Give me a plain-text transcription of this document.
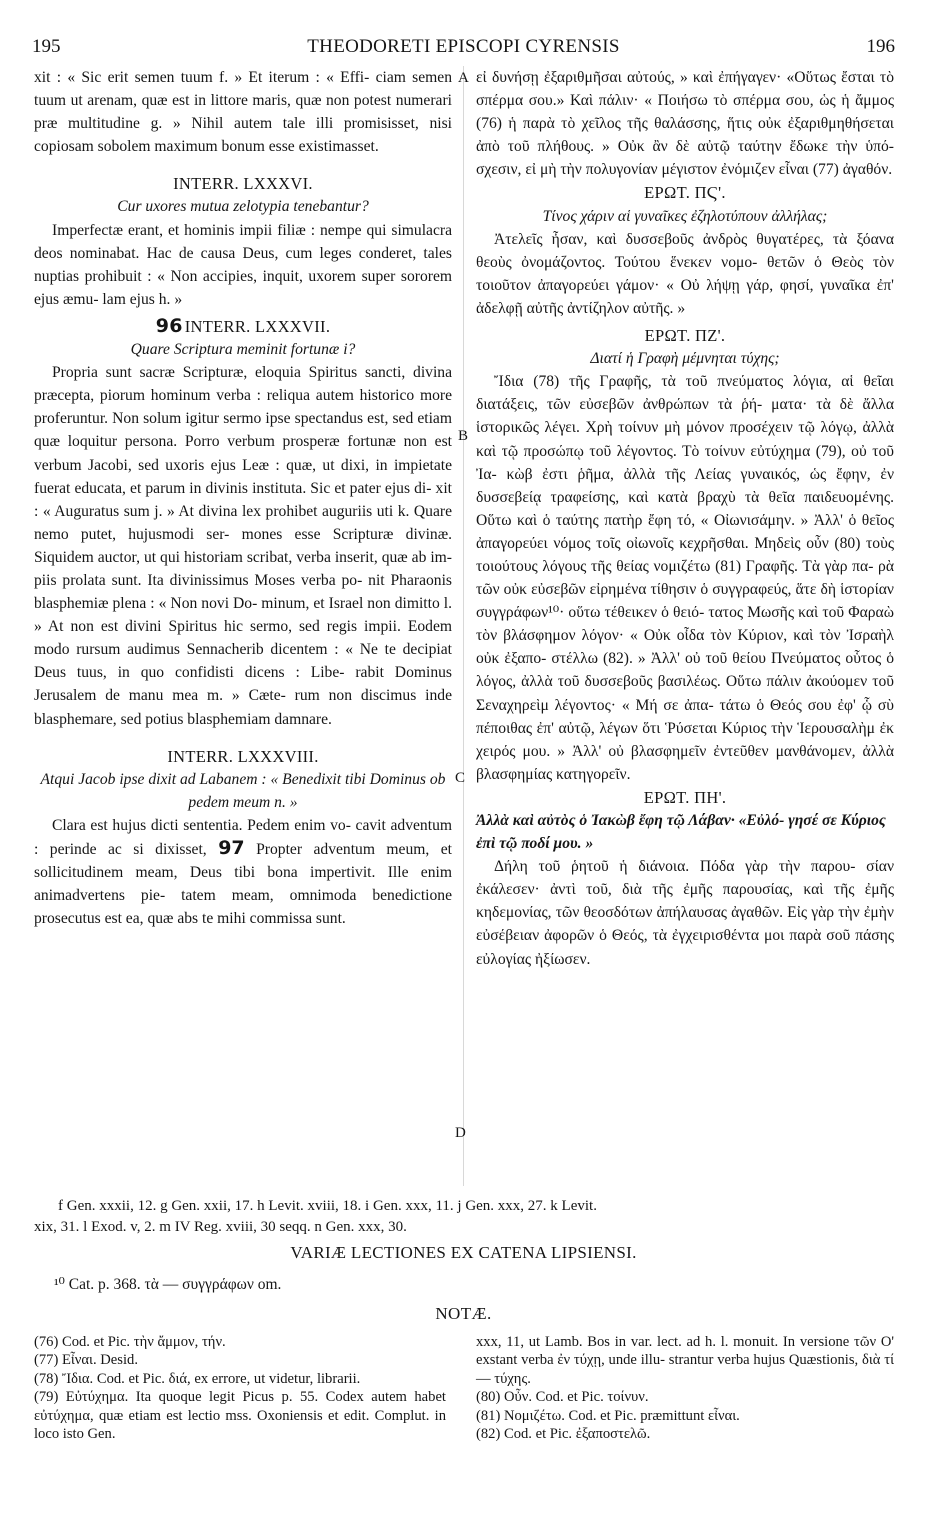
195	THEODORETI EPISCOPI CYRENSIS	196
A
B
C
D

xit : « Sic erit semen tuum f. » Et iterum : « Effi- ciam semen tuum ut arenam, quæ est in littore maris, quæ non potest numerari præ multitudine g. » Nihil autem tale illi promisisset, nisi copiosam sobolem maximum bonum esse existimasset.

INTERR. LXXXVI.

Cur uxores mutua zelotypia tenebantur?

Imperfectæ erant, et hominis impii filiæ : nempe qui simulacra deos nominabat. Hac de causa Deus, cum leges conderet, tales nuptias prohibuit : « Non accipies, inquit, uxorem super sororem ejus æmu- lam ejus h. »

96 INTERR. LXXXVII.

Quare Scriptura meminit fortunæ i?

Propria sunt sacræ Scripturæ, eloquia Spiritus sancti, divina præcepta, piorum hominum verba : reliqua autem historico more proferuntur. Non solum igitur sermo ipse spectandus est, sed etiam quæ loquitur persona. Porro verbum prosperæ fortunæ non est verbum Jacobi, sed uxoris ejus Leæ : quæ, ut dixi, in impietate fuerat educata, et parum in divinis instituta. Sic et pater ejus di- xit : « Auguratus sum j. » At divina lex prohibet auguriis uti k. Quare nemo putet, hujusmodi ser- mones esse Scripturæ divinæ. Siquidem auctor, ut qui historiam scribat, verba inserit, quæ ab im- piis prolata sunt. Ita divinissimus Moses verba po- nit Pharaonis blasphemiæ plena : « Non novi Do- minum, et Israel non dimitto l. » At non est divini Spiritus hic sermo, sed regis impii. Eodem modo rursum audimus Sennacherib dicentem : « Ne te decipiat Deus tuus, in quo confidisti dicens : Libe- rabit Dominus Jerusalem de manu mea m. » Cæte- rum non discimus inde blasphemare, sed potius blasphemiam damnare.

INTERR. LXXXVIII.

Atqui Jacob ipse dixit ad Labanem : « Benedixit tibi Dominus ob pedem meum n. »

Clara est hujus dicti sententia. Pedem enim vo- cavit adventum : perinde ac si dixisset, 97 Propter adventum meum, et sollicitudinem meam, Deus tibi bona impertivit. Ille enim animadvertens pie- tatem meam, omnimoda benedictione prosecutus est ea, quæ abs te mihi commissa sunt.

εἰ δυνήσῃ ἐξαριθμῆσαι αὐτούς, » καὶ ἐπήγαγεν· «Οὕτως ἔσται τὸ σπέρμα σου.» Καὶ πάλιν· « Ποιήσω τὸ σπέρμα σου, ὡς ἡ ἄμμος (76) ἡ παρὰ τὸ χεῖλος τῆς θαλάσσης, ἥτις οὐκ ἐξαριθμηθήσεται ἀπὸ τοῦ πλήθους. » Οὐκ ἂν δὲ αὐτῷ ταύτην ἔδωκε τὴν ὑπό- σχεσιν, εἰ μὴ τὴν πολυγονίαν μέγιστον ἐνόμιζεν εἶναι (77) ἀγαθόν.

ΕΡΩΤ. ΠϚ'.

Τίνος χάριν αἱ γυναῖκες ἐζηλοτύπουν ἀλλήλας;

Ἀτελεῖς ἦσαν, καὶ δυσσεβοῦς ἀνδρὸς θυγατέρες, τὰ ξόανα θεοὺς ὀνομάζοντος. Τούτου ἕνεκεν νομο- θετῶν ὁ Θεὸς τὸν τοιοῦτον ἀπαγορεύει γάμον· « Οὐ λήψῃ γάρ, φησί, γυναῖκα ἐπ' ἀδελφῇ αὐτῆς ἀντίζηλον αὐτῆς. »

ΕΡΩΤ. ΠΖ'.

Διατί ἡ Γραφὴ μέμνηται τύχης;

Ἴδια (78) τῆς Γραφῆς, τὰ τοῦ πνεύματος λόγια, αἱ θεῖαι διατάξεις, τῶν εὐσεβῶν ἀνθρώπων τὰ ῥή- ματα· τὰ δὲ ἄλλα ἱστορικῶς λέγει. Χρὴ τοίνυν μὴ μόνον προσέχειν τῷ λόγῳ, ἀλλὰ καὶ τῷ προσώπῳ τοῦ λέγοντος. Τὸ τοίνυν εὐτύχημα (79), οὐ τοῦ Ἰα- κὼβ ἐστι ῥῆμα, ἀλλὰ τῆς Λείας γυναικός, ὡς ἔφην, ἐν δυσσεβείᾳ τραφείσης, καὶ κατὰ βραχὺ τὰ θεῖα παιδευομένης. Οὕτω καὶ ὁ ταύτης πατὴρ ἔφη τό, « Οἰωνισάμην. » Ἀλλ' ὁ θεῖος ἀπαγορεύει νόμος τοῖς οἰωνοῖς κεχρῆσθαι. Μηδεὶς οὖν (80) τοὺς τοιούτους λόγους τῆς θείας νομιζέτω (81) Γραφῆς. Τὰ γὰρ πα- ρὰ τῶν οὐκ εὐσεβῶν εἰρημένα τίθησιν ὁ συγγραφεύς, ἅτε δὴ ἱστορίαν συγγράφων¹⁰· οὕτω τέθεικεν ὁ θειό- τατος Μωσῆς καὶ τοῦ Φαραὼ τὸν βλάσφημον λόγον· « Οὐκ οἶδα τὸν Κύριον, καὶ τὸν Ἰσραὴλ οὐκ ἐξαπο- στέλλω (82). » Ἀλλ' οὐ τοῦ θείου Πνεύματος οὗτος ὁ λόγος, ἀλλὰ τοῦ δυσσεβοῦς βασιλέως. Οὕτω πάλιν ἀκούομεν τοῦ Σεναχηρεὶμ λέγοντος· « Μή σε ἀπα- τάτω ὁ Θεός σου ἐφ' ᾧ σὺ πέποιθας ἐπ' αὐτῷ, λέγων ὅτι Ῥύσεται Κύριος τὴν Ἱερουσαλὴμ ἐκ χειρός μου. » Ἀλλ' οὐ βλασφημεῖν ἐντεῦθεν μανθάνομεν, ἀλλὰ βλασφημίας κατηγορεῖν.

ΕΡΩΤ. ΠΗ'.

Ἀλλὰ καὶ αὐτὸς ὁ Ἰακὼβ ἔφη τῷ Λάβαν· «Εὐλό- γησέ σε Κύριος ἐπὶ τῷ ποδί μου. »

Δήλη τοῦ ῥητοῦ ἡ διάνοια. Πόδα γὰρ τὴν παρου- σίαν ἐκάλεσεν· ἀντὶ τοῦ, διὰ τῆς ἐμῆς παρουσίας, καὶ τῆς ἐμῆς κηδεμονίας, τῶν θεοσδότων ἀπήλαυσας ἀγαθῶν. Εἰς γὰρ τὴν ἐμὴν εὐσέβειαν ἀφορῶν ὁ Θεός, τὰ ἐγχειρισθέντα μοι παρὰ σοῦ πάσης εὐλογίας ἠξίωσεν.

f Gen. xxxii, 12. g Gen. xxii, 17. h Levit. xviii, 18. i Gen. xxx, 11. j Gen. xxx, 27. k Levit.

xix, 31. l Exod. v, 2. m IV Reg. xviii, 30 seqq. n Gen. xxx, 30.

VARIÆ LECTIONES EX CATENA LIPSIENSI.
¹⁰ Cat. p. 368. τὰ — συγγράφων om.
NOTÆ.

(76) Cod. et Pic. τὴν ἄμμον, τήν.

(77) Εἶναι. Desid.

(78) Ἴδια. Cod. et Pic. διά, ex errore, ut videtur, librarii.

(79) Εὐτύχημα. Ita quoque legit Picus p. 55. Codex autem habet εὐτύχημα, quæ etiam est lectio mss. Oxoniensis et edit. Complut. in loco isto Gen.

xxx, 11, ut Lamb. Bos in var. lect. ad h. l. monuit. In versione τῶν O' exstant verba ἐν τύχῃ, unde illu- strantur verba hujus Quæstionis, διὰ τί — τύχης.

(80) Οὖν. Cod. et Pic. τοίνυν.

(81) Νομιζέτω. Cod. et Pic. præmittunt εἶναι.

(82) Cod. et Pic. ἐξαποστελῶ.
